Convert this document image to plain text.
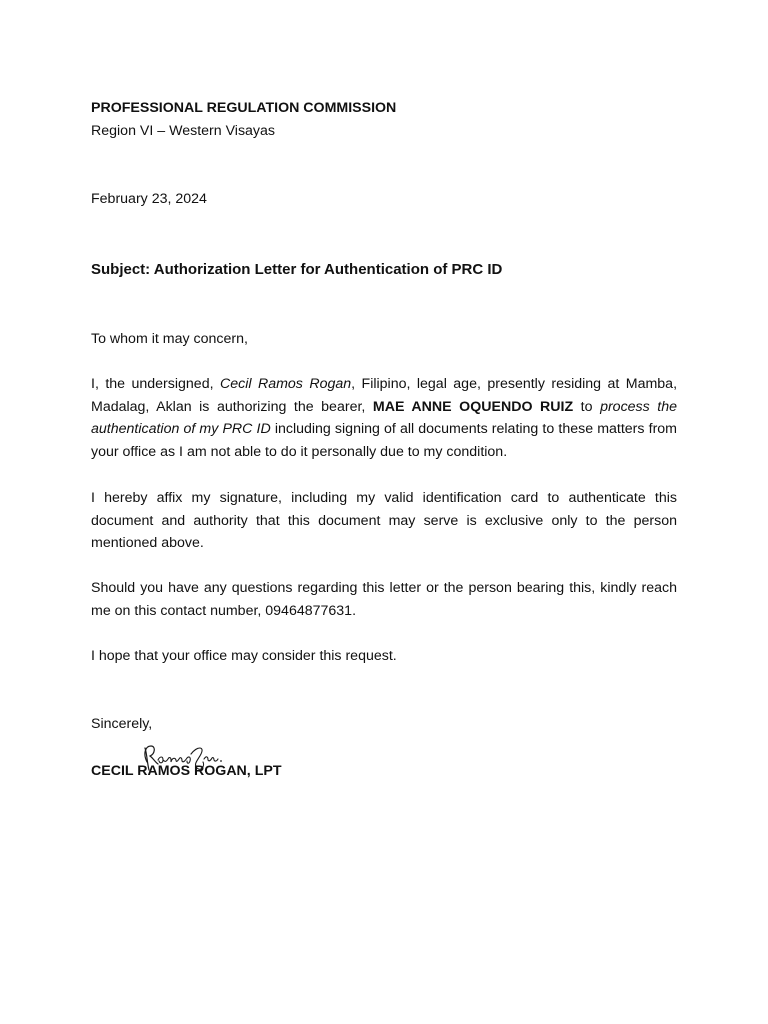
PROFESSIONAL REGULATION COMMISSION
Region VI – Western Visayas
February 23, 2024
Subject: Authorization Letter for Authentication of PRC ID
To whom it may concern,
I, the undersigned, Cecil Ramos Rogan, Filipino, legal age, presently residing at Mamba, Madalag, Aklan is authorizing the bearer, MAE ANNE OQUENDO RUIZ to process the authentication of my PRC ID including signing of all documents relating to these matters from your office as I am not able to do it personally due to my condition.
I hereby affix my signature, including my valid identification card to authenticate this document and authority that this document may serve is exclusive only to the person mentioned above.
Should you have any questions regarding this letter or the person bearing this, kindly reach me on this contact number, 09464877631.
I hope that your office may consider this request.
Sincerely,
CECIL RAMOS ROGAN, LPT
